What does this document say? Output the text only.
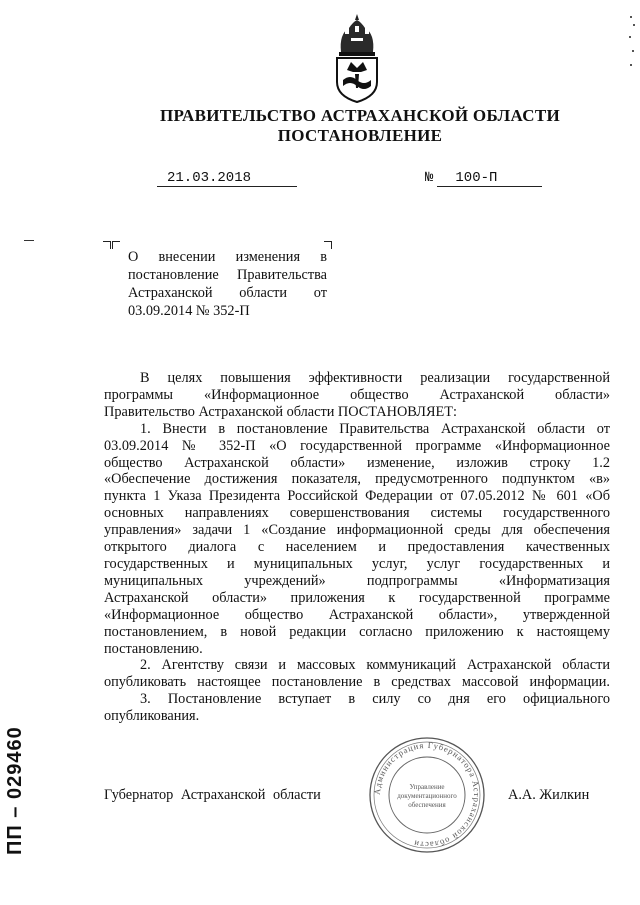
ПРАВИТЕЛЬСТВО АСТРАХАНСКОЙ ОБЛАСТИ
ПОСТАНОВЛЕНИЕ
21.03.2018	№ 100-П
О внесении изменения в
постановление Правительства
Астраханской области от
03.09.2014 № 352-П
В целях повышения эффективности реализации государственной
программы «Информационное общество Астраханской области»
Правительство Астраханской области ПОСТАНОВЛЯЕТ:
1. Внести в постановление Правительства Астраханской области от
03.09.2014 № 352-П «О государственной программе «Информационное
общество Астраханской области» изменение, изложив строку 1.2
«Обеспечение достижения показателя, предусмотренного подпунктом «в»
пункта 1 Указа Президента Российской Федерации от 07.05.2012 № 601 «Об
основных направлениях совершенствования системы государственного
управления» задачи 1 «Создание информационной среды для обеспечения
открытого диалога с населением и предоставления качественных
государственных и муниципальных услуг, услуг государственных и
муниципальных учреждений» подпрограммы «Информатизация
Астраханской области» приложения к государственной программе
«Информационное общество Астраханской области», утвержденной
постановлением, в новой редакции согласно приложению к настоящему
постановлению.
2. Агентству связи и массовых коммуникаций Астраханской области
опубликовать настоящее постановление в средствах массовой информации.
3. Постановление вступает в силу со дня его официального
опубликования.
Администрация Губернатора Астраханской области
Управление
документационного
обеспечения
Губернатор Астраханской области	А.А. Жилкин
ПП – 029460
